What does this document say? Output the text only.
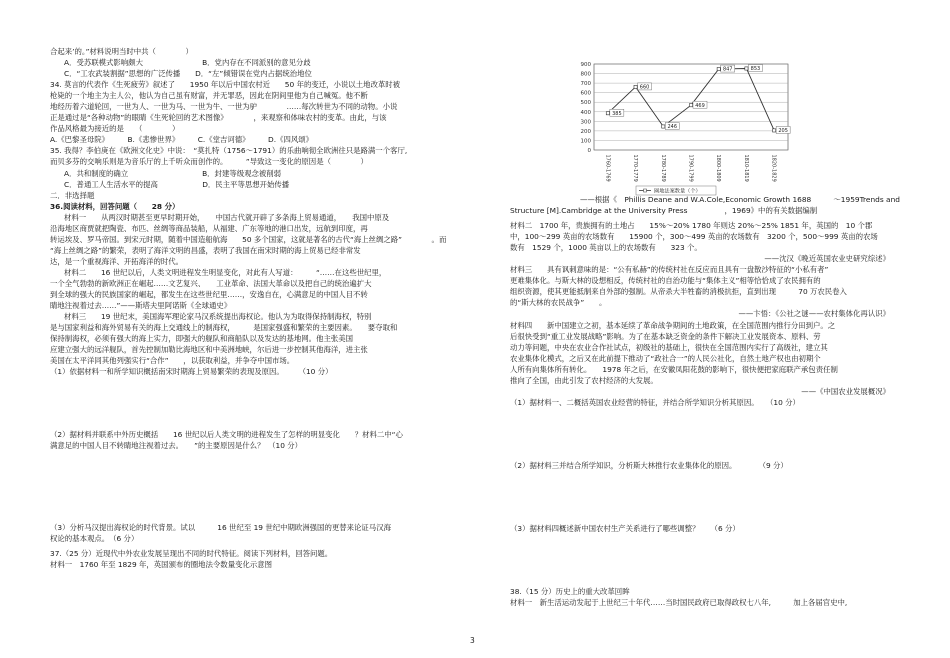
合起来’的。”材料说明当时中共（　　　　）
A．受苏联模式影响颇大　　　　　　　　B．党内存在不同派别的意见分歧
C．“工农武装割据”思想的广泛传播　　D．“左”倾错误在党内占据统治地位
34. 莫言的代表作《生死疲劳》叙述了　　1950 年以后中国农村近　　50 年的变迁，小说以土地改革时被
枪毙的一个地主为主人公，他认为自己虽有财富，并无罪恶，因此在阴间里他为自己喊冤。他不断
地经历着六道轮回，一世为人、一世为马、一世为牛、一世为驴　　　　……每次转世为不同的动物。小说
正是通过是“各种动物”的眼睛《生死轮回的艺术图像》　　　　，来观察和体味农村的变革。由此，与该
作品风格最为接近的是　　（　　　　）
A.《巴黎圣母院》　　　B.《悲惨世界》　　　C.《堂吉诃德》　　　D.《四风颂》
35. 我得？李伯庚在《欧洲文化史》中说：　“莫扎特（1756～1791）的乐曲响彻全欧洲往只是路满一个客厅,
而贝多芬的交响乐则是为音乐厅的上千听众而创作的。　　　”导致这一变化的原因是（　　　　）
A．共和制度的确立　　　　　　　　　　B．封建等级观念被削弱
C．普通工人生活水平的提高　　　　　　D．民主平等思想开始传播
二．非选择题
36.阅读材料，回答问题（　　28 分）
材料一　　从两汉时期甚至更早时期开始，　　中国古代就开辟了多条海上贸易通道，　　我国中原及
沿海地区商贾就把陶瓷、布匹、丝绸等商品装船，从福建、广东等地的港口出发，远航到印度，再
转运埃及、罗马帝国。到宋元时期，随着中国造船航海　　50 多个国家，这就是著名的古代“海上丝绸之路”　　　　。而
“海上丝绸之路”的繁荣，表明了海洋文明的昌盛，表明了我国在南宋时期的海上贸易已经非常发
达，是一个重视海洋、开拓海洋的时代。
材料二　　16 世纪以后，人类文明进程发生明显变化，对此有人写道：　　　“……在这些世纪里，
一个全气勃勃的新欧洲正在崛起……文艺复兴、　　工业革命、法国大革命以及把自己的统治遍扩大
到全球的强大的民族国家的崛起，都发生在这些世纪里……，安逸自在，心满意足的中国人目不转
睛地注视着过去……”——斯塔夫里阿诺斯《全球通史》
材料三　　19 世纪末，美国海军理论家马汉系统提出海权论。他认为为取得保持制海权，特别
是与国家利益和海外贸易有关的海上交通线上的制海权，　　　是国家强盛和繁荣的主要因素。　　要夺取和
保持制海权，必须有强大的海上实力，即强大的舰队和商船队以及发达的基地网。他主张美国
应建立强大的远洋舰队，首先控制加勒比海地区和中美洲地峡，尔后进一步控制其他海洋，进主张
美国在太平洋同其他列强实行“合作”　　，以获取利益，并争夺中国市场。
（1）依据材料一和所学知识概括南宋时期海上贸易繁荣的表现及原因。　　　（10 分）
（2）据材料并联系中外历史概括　　16 世纪以后人类文明的进程发生了怎样的明显变化　　？材料二中“心
满意足的中国人目不转睛地注视着过去。　　”的主要原因是什么？　（10 分）
（3）分析马汉提出海权论的时代背景。试以　　　16 世纪至 19 世纪中期欧洲强国的更替来论证马汉海
权论的基本观点。　（6 分）
37.（25 分）近现代中外农业发展呈现出不同的时代特征。阅读下列材料，回答问题。
材料一　1760 年至 1829 年，英国颁布的圈地法令数量变化示意图
0
100
200
300
400
500
600
700
800
900
1760-1769	1770-1779	1780-1789	1790-1799	1800-1809	1810-1819	1820-1829
385
660
246
469
847	853
205
圈地法案数量（个）
——根据《　Phillis Deane and W.A.Cole,Economic Growth 1688　　　～1959Trends and
Structure [M].Cambridge at the University Press　　　　　，1969》中的有关数据编制
材料二　1700 年，贵族拥有的土地占　　15%～20% 1780 年则达 20%～25% 1851 年，英国的　10 个郡
中，100～299 英亩的农场数有　　15900 个，300～499 英亩的农场数有　3200 个，500～999 英亩的农场
数有　1529 个，1000 英亩以上的农场数有　　323 个。
——沈汉《晚近英国农业史研究综述》
材料三　　具有讽刺意味的是：“公有私赫”的传统村社在反应而且具有一盘散沙特征的“小私有者”
更难集体化。与斯大林的设想相反，传统村社的自治功能与“集体主义”相等恰恰成了农民拥有的
组织资源，使其更能抵制来自外部的强制。从帝杀大半牲畜的消极抗拒，直到出现　　　70 万农民卷入
的“斯大林的农民战争”　　。
——卞悟：《公社之谜——农村集体化再认识》
材料四　　新中国建立之初，基本延续了革命战争期间的土地政策，在全国范围内推行分田到户。之
后很快受到“重工业发展战略”影响。为了在基本缺乏资金的条件下解决工业发展资本、原料、劳
动力等问题，中央在农业合作社试点，初级社的基础上，很快在全国范围内实行了高级社，建立其
农业集体化模式，之后又在此前提下推动了“政社合一”的人民公社化，自然土地产权也由初期个
人所有向集体所有转化。　　1978 年之后，在安徽凤阳花鼓的影响下，很快便把家庭联产承包责任制
推向了全国，由此引发了农村经济的大发展。
——《中国农业发展概况》
（1）据材料一、二概括英国农业经营的特征，并结合所学知识分析其原因。　　（10 分）
（2）据材料三并结合所学知识，分析斯大林推行农业集体化的原因。　　　　（9 分）
（3）据材料四概述新中国农村生产关系进行了哪些调整？　　（6 分）
38.（15 分）历史上的重大改革回眸
材料一　新生活运动发起于上世纪三十年代……当时国民政府已取得政权七八年,　　　加上各届官史中,
3
